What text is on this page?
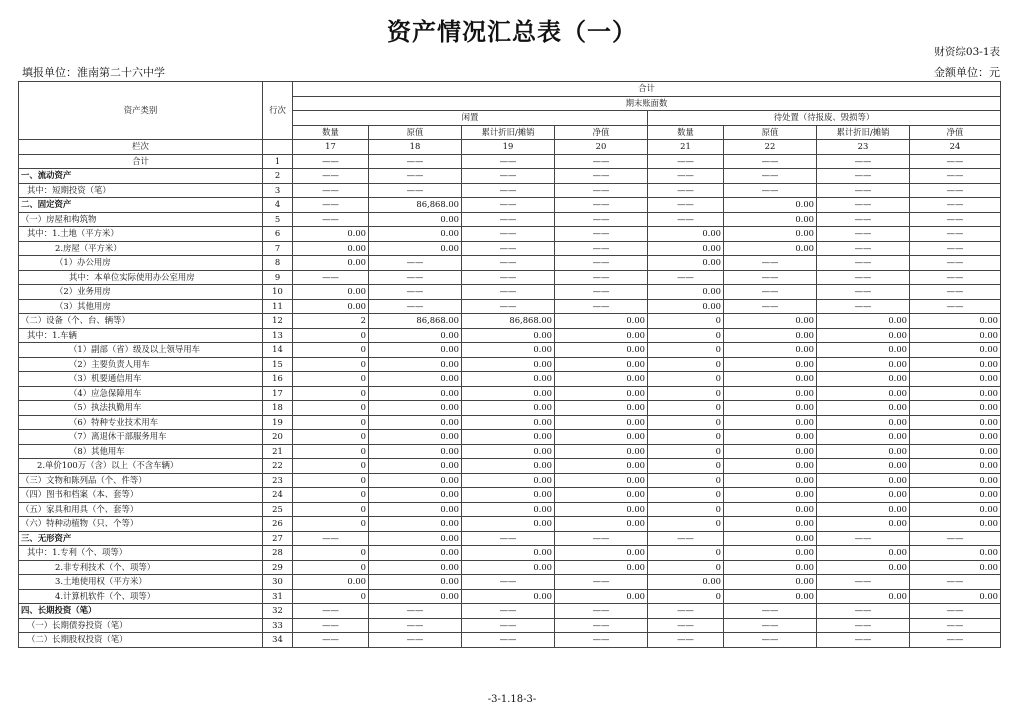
资产情况汇总表（一）
财资综03-1表
填报单位：淮南第二十六中学	金额单位：元
资产类别	行次	合计							
		期末账面数							
		闲置				待处置（待报废、毁损等）			
		数量	原值	累计折旧/摊销	净值	数量	原值	累计折旧/摊销	净值
栏次		17	18	19	20	21	22	23	24
合计	1	——	——	——	——	——	——	——	——
一、流动资产	2	——	——	——	——	——	——	——	——
其中：短期投资（笔）	3	——	——	——	——	——	——	——	——
二、固定资产	4	——	86,868.00	——	——	——	0.00	——	——
（一）房屋和构筑物	5	——	0.00	——	——	——	0.00	——	——
其中：1.土地（平方米）	6	0.00	0.00	——	——	0.00	0.00	——	——
2.房屋（平方米）	7	0.00	0.00	——	——	0.00	0.00	——	——
（1）办公用房	8	0.00	——	——	——	0.00	——	——	——
其中：本单位实际使用办公室用房	9	——	——	——	——	——	——	——	——
（2）业务用房	10	0.00	——	——	——	0.00	——	——	——
（3）其他用房	11	0.00	——	——	——	0.00	——	——	——
（二）设备（个、台、辆等）	12	2	86,868.00	86,868.00	0.00	0	0.00	0.00	0.00
其中：1.车辆	13	0	0.00	0.00	0.00	0	0.00	0.00	0.00
（1）副部（省）级及以上领导用车	14	0	0.00	0.00	0.00	0	0.00	0.00	0.00
（2）主要负责人用车	15	0	0.00	0.00	0.00	0	0.00	0.00	0.00
（3）机要通信用车	16	0	0.00	0.00	0.00	0	0.00	0.00	0.00
（4）应急保障用车	17	0	0.00	0.00	0.00	0	0.00	0.00	0.00
（5）执法执勤用车	18	0	0.00	0.00	0.00	0	0.00	0.00	0.00
（6）特种专业技术用车	19	0	0.00	0.00	0.00	0	0.00	0.00	0.00
（7）离退休干部服务用车	20	0	0.00	0.00	0.00	0	0.00	0.00	0.00
（8）其他用车	21	0	0.00	0.00	0.00	0	0.00	0.00	0.00
2.单价100万（含）以上（不含车辆）	22	0	0.00	0.00	0.00	0	0.00	0.00	0.00
（三）文物和陈列品（个、件等）	23	0	0.00	0.00	0.00	0	0.00	0.00	0.00
（四）图书和档案（本、套等）	24	0	0.00	0.00	0.00	0	0.00	0.00	0.00
（五）家具和用具（个、套等）	25	0	0.00	0.00	0.00	0	0.00	0.00	0.00
（六）特种动植物（只、个等）	26	0	0.00	0.00	0.00	0	0.00	0.00	0.00
三、无形资产	27	——	0.00	——	——	——	0.00	——	——
其中：1.专利（个、项等）	28	0	0.00	0.00	0.00	0	0.00	0.00	0.00
2.非专利技术（个、项等）	29	0	0.00	0.00	0.00	0	0.00	0.00	0.00
3.土地使用权（平方米）	30	0.00	0.00	——	——	0.00	0.00	——	——
4.计算机软件（个、项等）	31	0	0.00	0.00	0.00	0	0.00	0.00	0.00
四、长期投资（笔）	32	——	——	——	——	——	——	——	——
（一）长期债券投资（笔）	33	——	——	——	——	——	——	——	——
（二）长期股权投资（笔）	34	——	——	——	——	——	——	——	——
-3-1.18-3-
